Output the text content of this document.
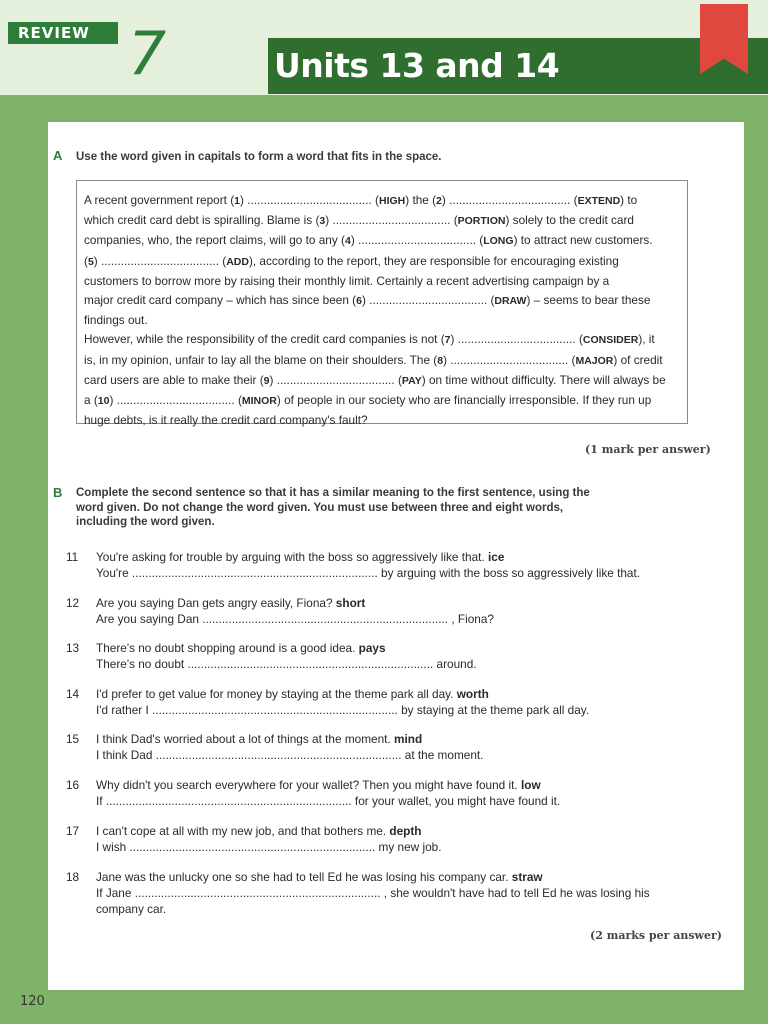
REVIEW 7	Units 13 and 14
A Use the word given in capitals to form a word that fits in the space.
A recent government report (1) ...................................... (HIGH) the (2) ..................................... (EXTEND) to
which credit card debt is spiralling. Blame is (3) .................................... (PORTION) solely to the credit card
companies, who, the report claims, will go to any (4) .................................... (LONG) to attract new customers.
(5) .................................... (ADD), according to the report, they are responsible for encouraging existing
customers to borrow more by raising their monthly limit. Certainly a recent advertising campaign by a
major credit card company – which has since been (6) .................................... (DRAW) – seems to bear these
findings out.
However, while the responsibility of the credit card companies is not (7) .................................... (CONSIDER), it
is, in my opinion, unfair to lay all the blame on their shoulders. The (8) .................................... (MAJOR) of credit
card users are able to make their (9) .................................... (PAY) on time without difficulty. There will always be
a (10) .................................... (MINOR) of people in our society who are financially irresponsible. If they run up
huge debts, is it really the credit card company's fault?
(1 mark per answer)
B Complete the second sentence so that it has a similar meaning to the first sentence, using the
word given. Do not change the word given. You must use between three and eight words,
including the word given.
11	You're asking for trouble by arguing with the boss so aggressively like that. ice
You're ........................................................................... by arguing with the boss so aggressively like that.
12	Are you saying Dan gets angry easily, Fiona? short
Are you saying Dan ........................................................................... , Fiona?
13	There's no doubt shopping around is a good idea. pays
There's no doubt ........................................................................... around.
14	I'd prefer to get value for money by staying at the theme park all day. worth
I'd rather I ........................................................................... by staying at the theme park all day.
15	I think Dad's worried about a lot of things at the moment. mind
I think Dad ........................................................................... at the moment.
16	Why didn't you search everywhere for your wallet? Then you might have found it. low
If ........................................................................... for your wallet, you might have found it.
17	I can't cope at all with my new job, and that bothers me. depth
I wish ........................................................................... my new job.
18	Jane was the unlucky one so she had to tell Ed he was losing his company car. straw
If Jane ........................................................................... , she wouldn't have had to tell Ed he was losing his
company car.
(2 marks per answer)
120
